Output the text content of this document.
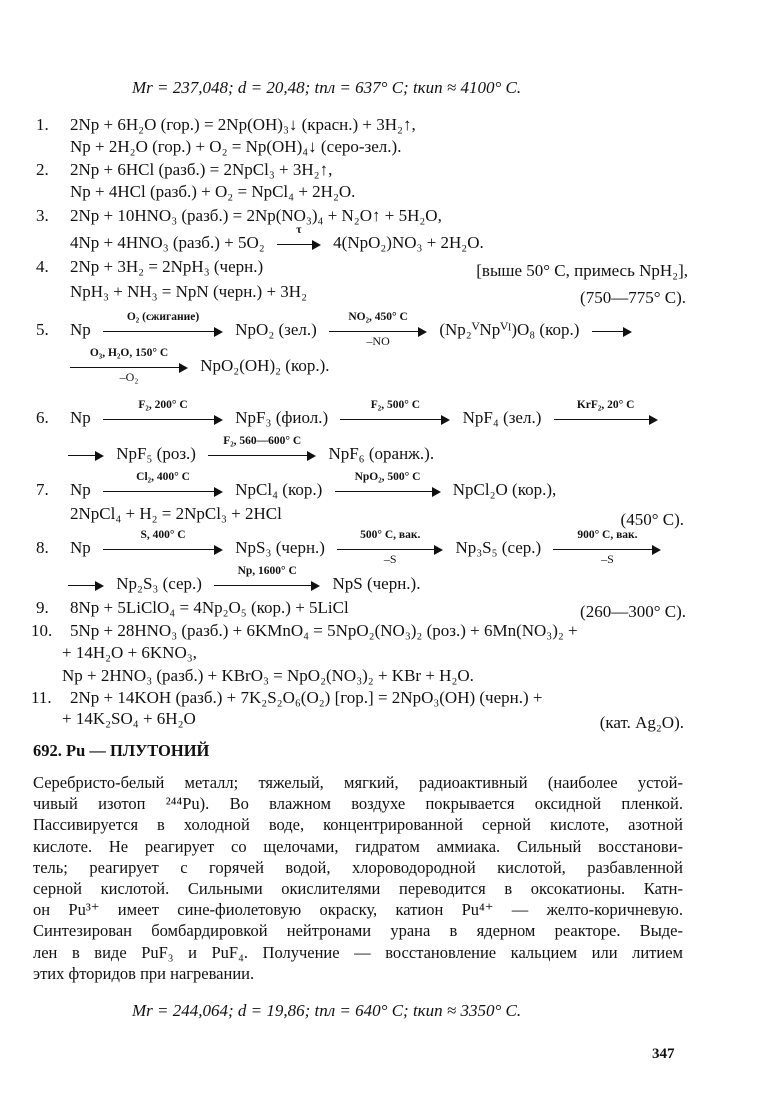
Mr = 237,048; d = 20,48; tпл = 637° C; tкип ≈ 4100° C.
1. 2Np + 6H₂O (гор.) = 2Np(OH)₃↓ (красн.) + 3H₂↑,
Np + 2H₂O (гор.) + O₂ = Np(OH)₄↓ (серо-зел.).
2. 2Np + 6HCl (разб.) = 2NpCl₃ + 3H₂↑,
Np + 4HCl (разб.) + O₂ = NpCl₄ + 2H₂O.
3. 2Np + 10HNO₃ (разб.) = 2Np(NO₃)₄ + N₂O↑ + 5H₂O,
4Np + 4HNO₃ (разб.) + 5O₂
τ
4(NpO₂)NO₃ + 2H₂O.
4. 2Np + 3H₂ = 2NpH₃ (черн.)	[выше 50° C, примесь NpH₂],
NpH₃ + NH₃ = NpN (черн.) + 3H₂	(750—775° C).
5. Np
O₂ (сжигание)
NpO₂ $(зел.) \frac{\text{NO₂, 450° C}}{-NO}$ (Np₂ⱽNpⱽᴵ)O₈ (кор.)
$\frac{\text{O₃, H₂O, 150° C}}{\text{–O₂}} NpO_2(OH)_2$ (кор.).
6. Np
F₂, 200° C
NpF₃ (фиол.)
F₂, 500° C
NpF₄ (зел.)
KrF₂, 20° C
NpF₅ (роз.)
F₂, 560—600° C
NpF₆ (оранж.).
7. Np
Cl₂, 400° C
NpCl₄ (кор.)
NpO₂, 500° C
NpCl₂O (кор.),
2NpCl₄ + H₂ = 2NpCl₃ + 2HCl	(450° C).
8. Np
S, 400° C
NpS₃ (черн.)
500° C, вак.
–S
Np₃S₅ (сер.)
900° C, вак.
–S
Np₂S₃ (сер.)
Np, 1600° C
NpS (черн.).
9. 8Np + 5LiClO₄ = 4Np₂O₅ (кор.) + 5LiCl	(260—300° C).
10. 5Np + 28HNO₃ (разб.) + 6KMnO₄ = 5NpO₂(NO₃)₂ (роз.) + 6Mn(NO₃)₂ +
+ 14H₂O + 6KNO₃,
Np + 2HNO₃ (разб.) + KBrO₃ = NpO₂(NO₃)₂ + KBr + H₂O.
11. 2Np + 14KOH (разб.) + 7K₂S₂O₆(O₂) [гор.] = 2NpO₃(OH) (черн.) +
+ 14K₂SO₄ + 6H₂O	(кат. Ag₂O).
692. Pu — ПЛУТОНИЙ
Серебристо-белый металл; тяжелый, мягкий, радиоактивный (наиболее устой-
чивый изотоп ²⁴⁴Pu). Во влажном воздухе покрывается оксидной пленкой.
Пассивируется в холодной воде, концентрированной серной кислоте, азотной
кислоте. Не реагирует со щелочами, гидратом аммиака. Сильный восстанови-
тель; реагирует с горячей водой, хлороводородной кислотой, разбавленной
серной кислотой. Сильными окислителями переводится в оксокатионы. Катн-
он Pu³⁺ имеет сине-фиолетовую окраску, катион Pu⁴⁺ — желто-коричневую.
Синтезирован бомбардировкой нейтронами урана в ядерном реакторе. Выде-
лен в виде PuF₃ и PuF₄. Получение — восстановление кальцием или литием
этих фторидов при нагревании.
Mr = 244,064; d = 19,86; tпл = 640° C; tкип ≈ 3350° C.
347
